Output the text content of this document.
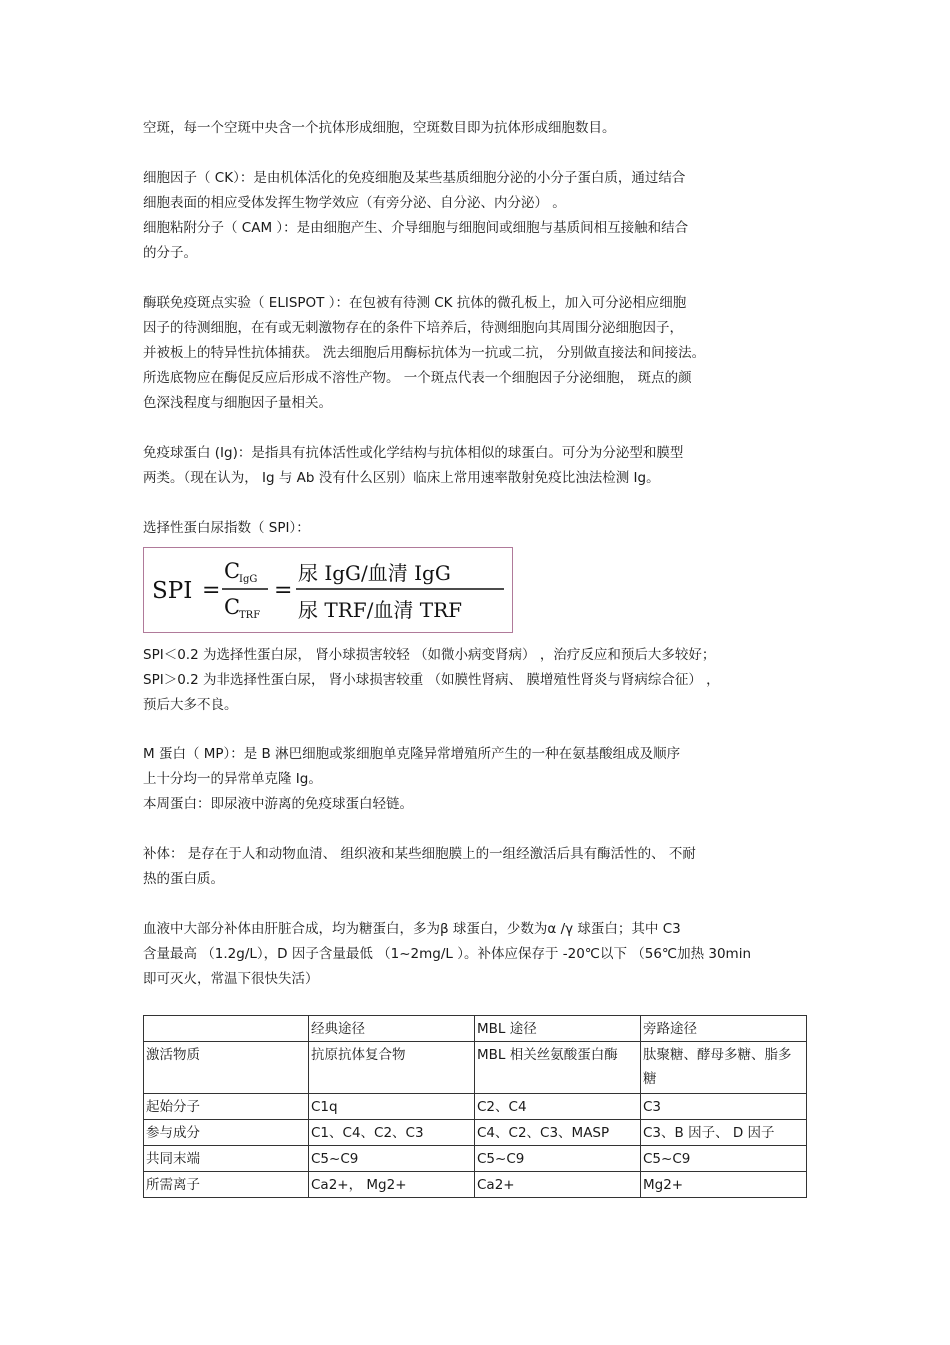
空斑，每一个空斑中央含一个抗体形成细胞，空斑数目即为抗体形成细胞数目。
细胞因子（ CK）：是由机体活化的免疫细胞及某些基质细胞分泌的小分子蛋白质，通过结合
细胞表面的相应受体发挥生物学效应（有旁分泌、自分泌、内分泌） 。
细胞粘附分子（ CAM ）：是由细胞产生、介导细胞与细胞间或细胞与基质间相互接触和结合
的分子。
酶联免疫斑点实验（ ELISPOT ）：在包被有待测 CK 抗体的微孔板上，加入可分泌相应细胞
因子的待测细胞，在有或无刺激物存在的条件下培养后，待测细胞向其周围分泌细胞因子，
并被板上的特异性抗体捕获。 洗去细胞后用酶标抗体为一抗或二抗， 分别做直接法和间接法。
所选底物应在酶促反应后形成不溶性产物。 一个斑点代表一个细胞因子分泌细胞， 斑点的颜
色深浅程度与细胞因子量相关。
免疫球蛋白 (Ig)：是指具有抗体活性或化学结构与抗体相似的球蛋白。可分为分泌型和膜型
两类。（现在认为， Ig 与 Ab 没有什么区别）临床上常用速率散射免疫比浊法检测 Ig。
选择性蛋白尿指数（ SPI）：
SPI＜0.2 为选择性蛋白尿， 肾小球损害较轻 （如微小病变肾病） ，治疗反应和预后大多较好；
SPI＞0.2 为非选择性蛋白尿， 肾小球损害较重 （如膜性肾病、 膜增殖性肾炎与肾病综合征） ，
预后大多不良。
M 蛋白（ MP）：是 B 淋巴细胞或浆细胞单克隆异常增殖所产生的一种在氨基酸组成及顺序
上十分均一的异常单克隆 Ig。
本周蛋白：即尿液中游离的免疫球蛋白轻链。
补体： 是存在于人和动物血清、 组织液和某些细胞膜上的一组经激活后具有酶活性的、 不耐
热的蛋白质。
血液中大部分补体由肝脏合成，均为糖蛋白，多为β 球蛋白，少数为α /γ 球蛋白；其中 C3
含量最高 （1.2g/L），D 因子含量最低 （1~2mg/L ）。补体应保存于 -20℃以下 （56℃加热 30min
即可灭火，常温下很快失活）
SPI =
C
IgG
C
TRF
=
尿 IgG/血清 IgG
尿 TRF/血清 TRF
	经典途径	MBL 途径	旁路途径
激活物质	抗原抗体复合物	MBL 相关丝氨酸蛋白酶	肽聚糖、酵母多糖、脂多糖
起始分子	C1q	C2、C4	C3
参与成分	C1、C4、C2、C3	C4、C2、C3、MASP	C3、B 因子、 D 因子
共同末端	C5~C9	C5~C9	C5~C9
所需离子	Ca2+， Mg2+	Ca2+	Mg2+
